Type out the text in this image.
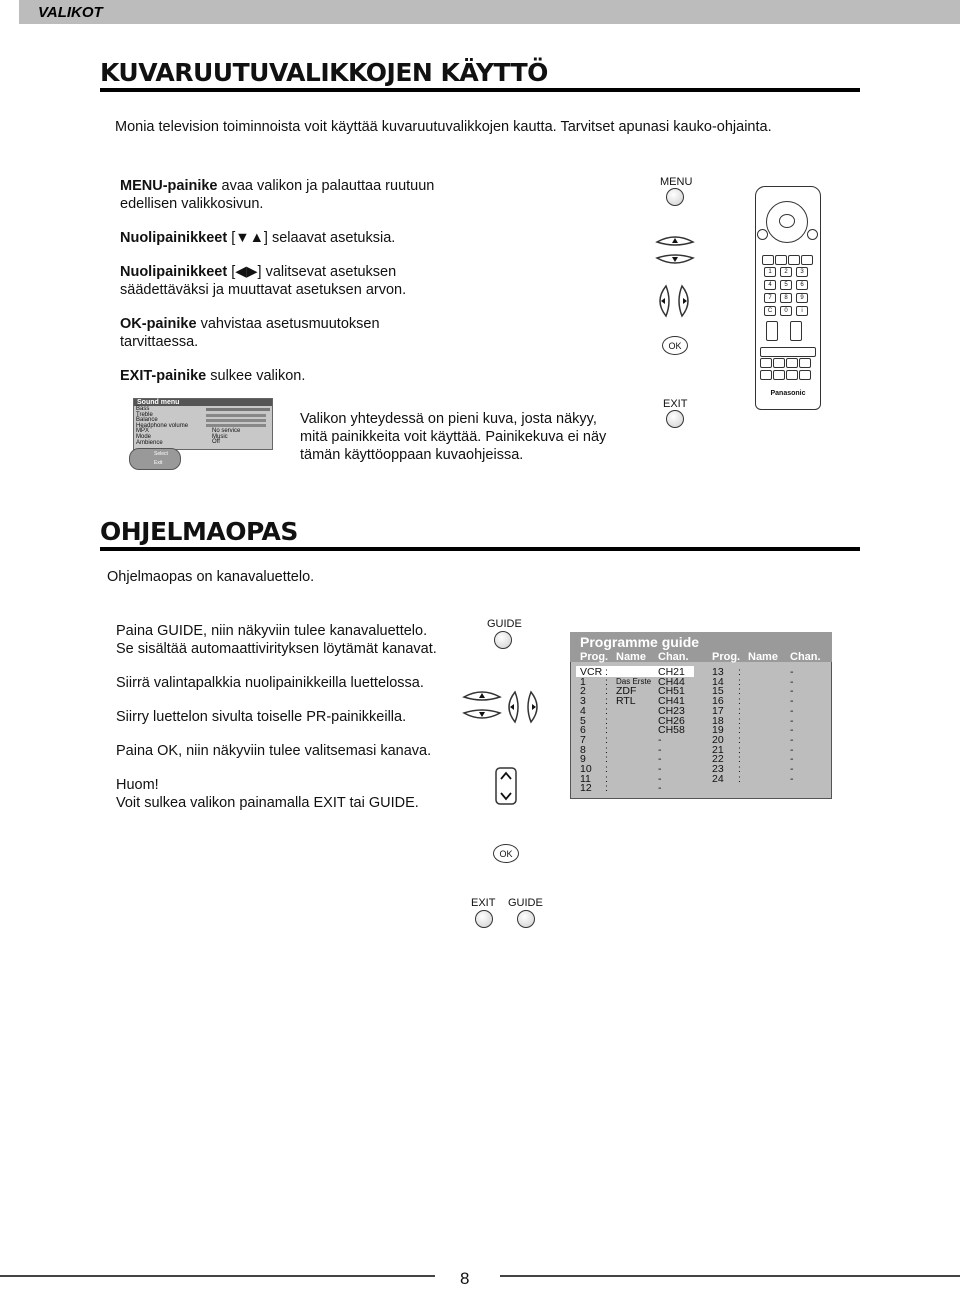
VALIKOT
KUVARUUTUVALIKKOJEN KÄYTTÖ
Monia television toiminnoista voit käyttää kuvaruutuvalikkojen kautta. Tarvitset apunasi kauko-ohjainta.
MENU-painike avaa valikon ja palauttaa ruutuun
edellisen valikkosivun.
Nuolipainikkeet [▼▲] selaavat asetuksia.
Nuolipainikkeet [◀▶] valitsevat asetuksen
säädettäväksi ja muuttavat asetuksen arvon.
OK-painike vahvistaa asetusmuutoksen
tarvittaessa.
EXIT-painike sulkee valikon.
Sound menu
Bass
Treble
Balance
Headphone volume
MPX
Mode
Ambience
No service
Music
Off
Select
Exit
Valikon yhteydessä on pieni kuva, josta näkyy,
mitä painikkeita voit käyttää. Painikekuva ei näy
tämän käyttöoppaan kuvaohjeissa.
MENU
OK
EXIT
1	2	3
4	5	6
7	8	9
C	0	i
Panasonic
OHJELMAOPAS
Ohjelmaopas on kanavaluettelo.
Paina GUIDE, niin näkyviin tulee kanavaluettelo.
Se sisältää automaattivirityksen löytämät kanavat.
Siirrä valintapalkkia nuolipainikkeilla luettelossa.
Siirry luettelon sivulta toiselle PR-painikkeilla.
Paina OK, niin näkyviin tulee valitsemasi kanava.
Huom!
Voit sulkea valikon painamalla EXIT tai GUIDE.
GUIDE
OK
EXIT GUIDE
Programme guide
Prog. Name Chan. Prog. Name Chan.
VCR :	CH21
1 : Das Erste CH44
2 : ZDF CH51
3 : RTL CH41
4 :	CH23
5 :	CH26
6 :	CH58
7 :	-
8 :	-
9 :	-
10 :	-
11 :	-
12 :	-
13 :	-
14 :	-
15 :	-
16 :	-
17 :	-
18 :	-
19 :	-
20 :	-
21 :	-
22 :	-
23 :	-
24 :	-
8
